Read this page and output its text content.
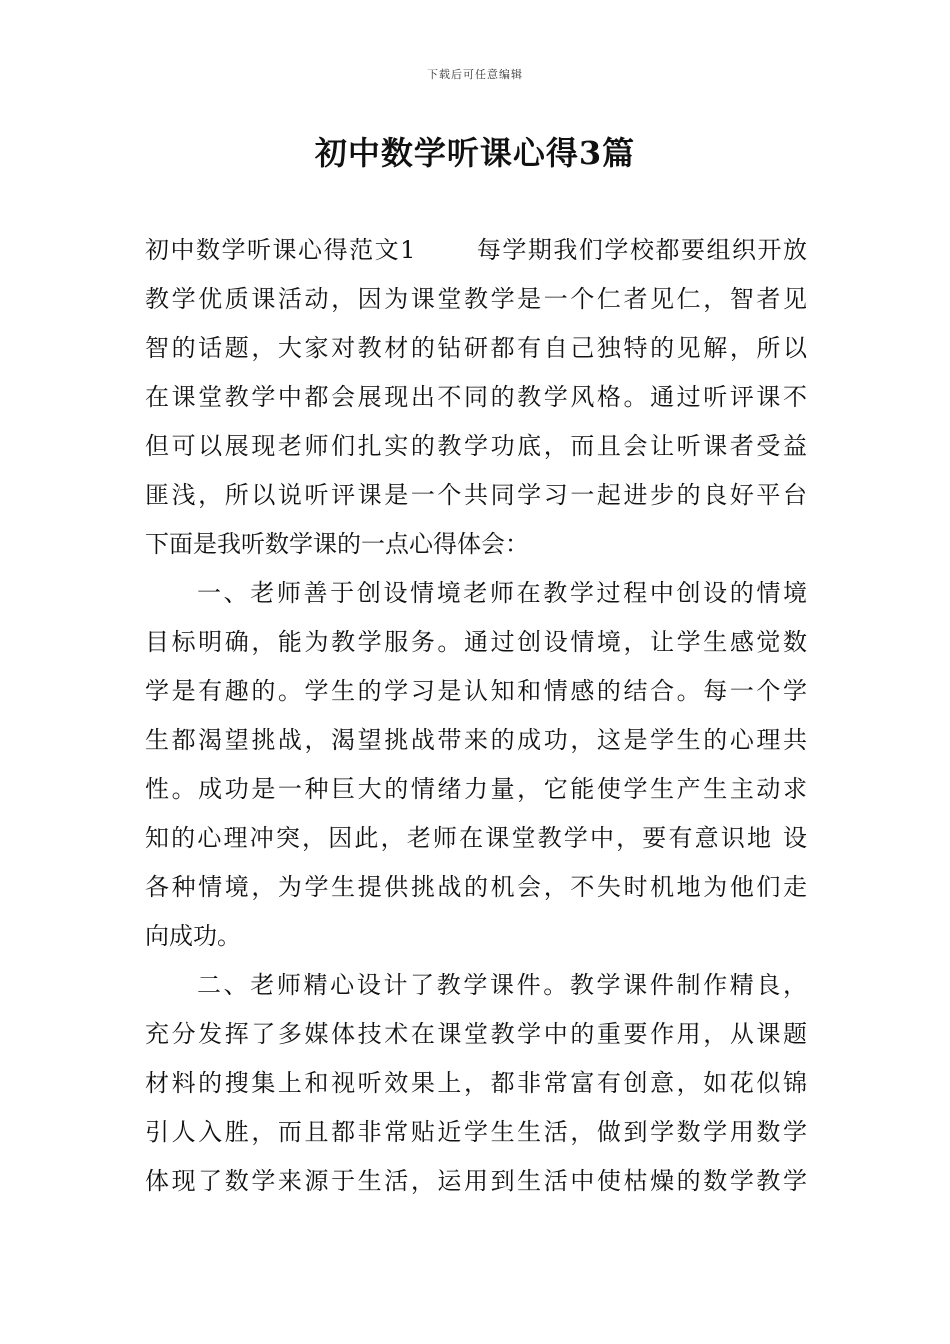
下载后可任意编辑
初中数学听课心得3篇
初中数学听课心得范文1	每学期我们学校都要组织开放
教学优质课活动，因为课堂教学是一个仁者见仁，智者见
智的话题，大家对教材的钻研都有自己独特的见解，所以
在课堂教学中都会展现出不同的教学风格。通过听评课不
但可以展现老师们扎实的教学功底，而且会让听课者受益
匪浅，所以说听评课是一个共同学习一起进步的良好平台
下面是我听数学课的一点心得体会：
一、老师善于创设情境老师在教学过程中创设的情境
目标明确，能为教学服务。通过创设情境，让学生感觉数
学是有趣的。学生的学习是认知和情感的结合。每一个学
生都渴望挑战，渴望挑战带来的成功，这是学生的心理共
性。成功是一种巨大的情绪力量，它能使学生产生主动求
知的心理冲突，因此，老师在课堂教学中，要有意识地 设
各种情境，为学生提供挑战的机会，不失时机地为他们走
向成功。
二、老师精心设计了教学课件。教学课件制作精良，
充分发挥了多媒体技术在课堂教学中的重要作用，从课题
材料的搜集上和视听效果上，都非常富有创意，如花似锦
引人入胜，而且都非常贴近学生生活，做到学数学用数学
体现了数学来源于生活，运用到生活中使枯燥的数学教学
